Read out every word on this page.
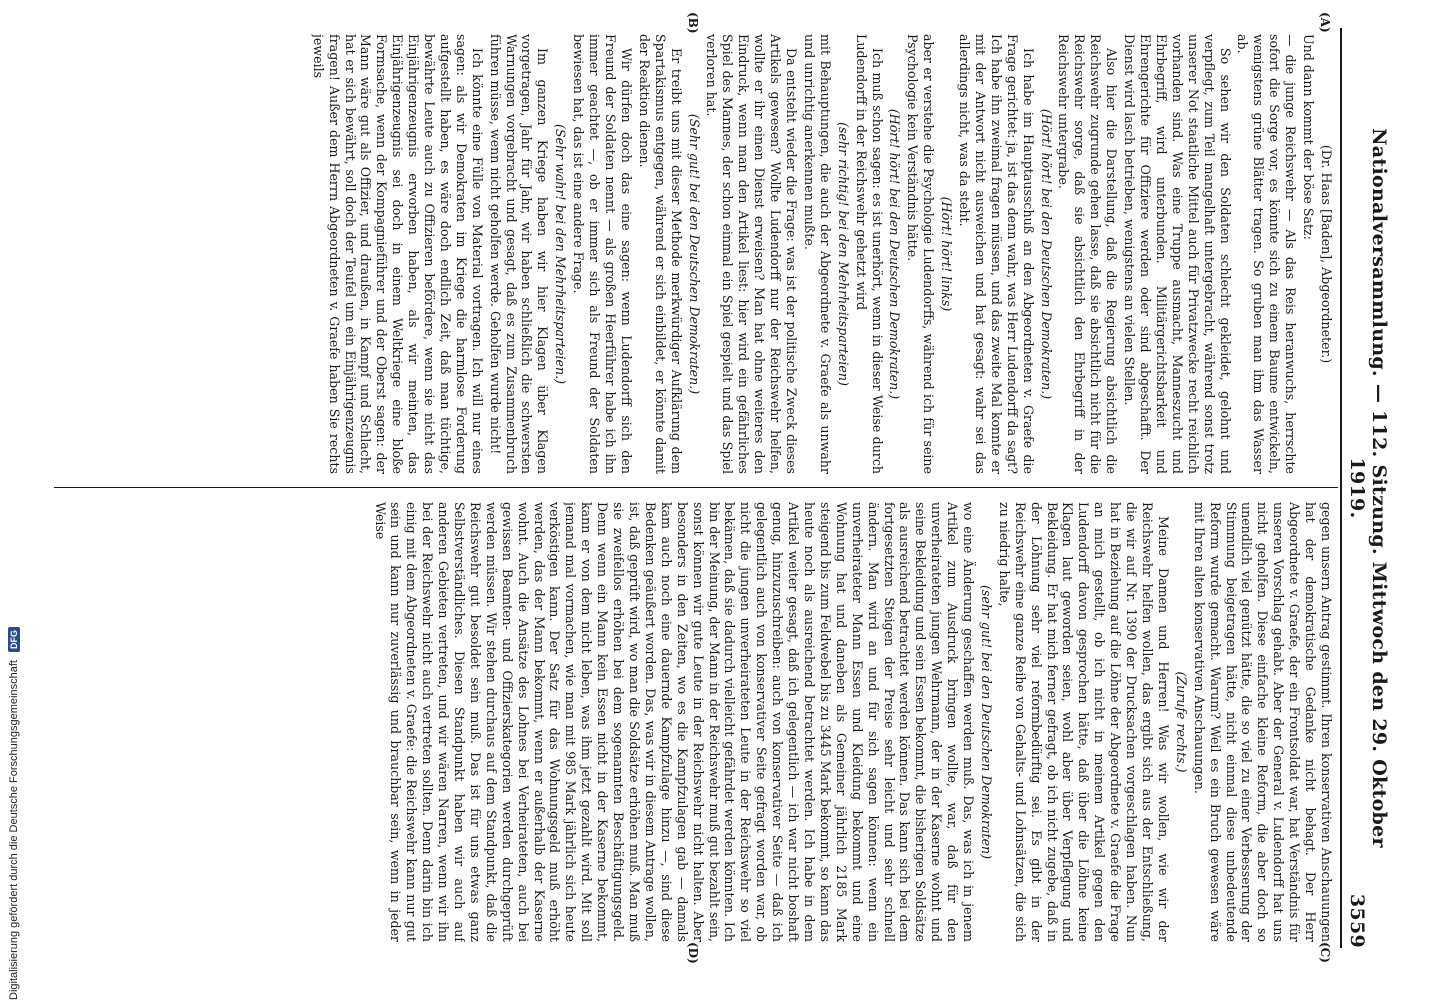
Nationalversammlung. — 112. Sitzung. Mittwoch den 29. Oktober 1919.
3559
(A)
(B)
(C)
(D)

(Dr. Haas [Baden], Abgeordneter.)

Und dann kommt der böse Satz:

— die junge Reichswehr — Als das Reis heranwuchs, herrschte sofort die Sorge vor, es könnte sich zu einem Baume entwickeln, wenigstens grüne Blätter tragen. So gruben man ihm das Wasser ab.

So sehen wir den Soldaten schlecht gekleidet, gelohnt und verpflegt, zum Teil mangelhaft untergebracht, während sonst trotz unserer Not staatliche Mittel auch für Privatzwecke recht reichlich vorhanden sind. Was eine Truppe ausmacht, Manneszucht und Ehrbegriff, wird unterbunden. Militärgerichtsbarkeit und Ehrengerichte für Offiziere werden oder sind abgeschafft. Der Dienst wird lasch betrieben, wenigstens an vielen Stellen.

Also hier die Darstellung, daß die Regierung absichtlich die Reichswehr zugrunde gehen lasse, daß sie absichtlich nicht für die Reichswehr sorge, daß sie absichtlich den Ehrbegriff in der Reichswehr untergrabe.

(Hört! hört! bei den Deutschen Demokraten.)

Ich habe im Hauptausschuß an den Abgeordneten v. Graefe die Frage gerichtet: ja, ist das denn wahr, was Herr Ludendorff da sagt? Ich habe ihn zweimal fragen müssen, und das zweite Mal konnte er mit der Antwort nicht ausweichen und hat gesagt: wahr sei das allerdings nicht, was da steht.

(Hört! hört! links)

aber er verstehe die Psychologie Ludendorffs, während ich für seine Psychologie kein Verständnis hätte.

(Hört! hört! bei den Deutschen Demokraten.)

Ich muß schon sagen: es ist unerhört, wenn in dieser Weise durch Ludendorff in der Reichswehr gehetzt wird

(sehr richtig! bei den Mehrheitsparteien)

mit Behauptungen, die auch der Abgeordnete v. Graefe als unwahr und unrichtig anerkennen mußte.

Da entsteht wieder die Frage: was ist der politische Zweck dieses Artikels gewesen? Wollte Ludendorff nur der Reichswehr helfen, wollte er ihr einen Dienst erweisen? Man hat ohne weiteres den Eindruck, wenn man den Artikel liest: hier wird ein gefährliches Spiel des Mannes, der schon einmal ein Spiel gespielt und das Spiel verloren hat.

(Sehr gut! bei den Deutschen Demokraten.)

Er treibt uns mit dieser Methode merkwürdiger Aufklärung dem Spartakismus entgegen, während er sich einbildet, er könnte damit der Reaktion dienen.

Wir dürfen doch das eine sagen: wenn Ludendorff sich den Freund der Soldaten nennt — als großen Heerführer habe ich ihn immer geachtet —, ob er immer sich als Freund der Soldaten bewiesen hat, das ist eine andere Frage.

(Sehr wahr! bei den Mehrheitsparteien.)

Im ganzen Kriege haben wir hier Klagen über Klagen vorgetragen, Jahr für Jahr, wir haben schließlich die schwersten Warnungen vorgebracht und gesagt, daß es zum Zusammenbruch führen müsse, wenn nicht geholfen werde. Geholfen wurde nicht!

Ich könnte eine Fülle von Material vortragen. Ich will nur eines sagen: als wir Demokraten im Kriege die harmlose Forderung aufgestellt haben, es wäre doch endlich Zeit, daß man tüchtige, bewährte Leute auch zu Offizieren befördere, wenn sie nicht das Einjährigenzeugnis erworben haben, als wir meinten, das Einjährigenzeugnis sei doch in einem Weltkriege eine bloße Formsache, wenn der Kompagnieführer und der Oberst sagen: der Mann wäre gut als Offizier, und draußen, in Kampf und Schlacht, hat er sich bewährt, soll doch der Teufel um ein Einjährigenzeugnis fragen! Außer dem Herrn Abgeordneten v. Graefe haben Sie rechts jeweils

gegen unsern Antrag gestimmt. Ihren konservativen Anschauungen hat der demokratische Gedanke nicht behagt. Der Herr Abgeordnete v. Graefe, der ein Frontsoldat war, hat Verständnis für unseren Vorschlag gehabt. Aber der General v. Ludendorff hat uns nicht geholfen. Diese einfache kleine Reform, die aber doch so unendlich viel genützt hätte, die so viel zu einer Verbesserung der Stimmung beigetragen hätte, nicht einmal diese unbedeutende Reform wurde gemacht. Warum? Weil es ein Bruch gewesen wäre mit Ihren alten konservativen Anschauungen.

(Zurufe rechts.)

Meine Damen und Herren! Was wir wollen, wie wir der Reichswehr helfen wollen, das ergibt sich aus der Entschließung, die wir auf Nr. 1390 der Drucksachen vorgeschlagen haben. Nun hat in Beziehung auf die Löhne der Abgeordnete v. Graefe die Frage an mich gestellt, ob ich nicht in meinem Artikel gegen den Ludendorff davon gesprochen hätte, daß über die Löhne keine Klagen laut geworden seien, wohl aber über Verpflegung und Bekleidung. Er hat mich ferner gefragt, ob ich nicht zugebe, daß in der Löhnung sehr viel reformbedürftig sei. Es gibt in der Reichswehr eine ganze Reihe von Gehalts- und Lohnsätzen, die sich zu niedrig halte,

(sehr gut! bei den Deutschen Demokraten)

wo eine Änderung geschaffen werden muß. Das, was ich in jenem Artikel zum Ausdruck bringen wollte, war, daß für den unverheirateten jungen Wehrmann, der in der Kaserne wohnt und seine Bekleidung und sein Essen bekommt, die bisherigen Soldsätze als ausreichend betrachtet werden können. Das kann sich bei dem fortgesetzten Steigen der Preise sehr leicht und sehr schnell ändern. Man wird an und für sich sagen können: wenn ein unverheirateter Mann Essen und Kleidung bekommt und eine Wohnung hat und daneben als Gemeiner jährlich 2185 Mark steigend bis zum Feldwebel bis zu 3445 Mark bekommt, so kann das heute noch als ausreichend betrachtet werden. Ich habe in dem Artikel weiter gesagt, daß ich gelegentlich — ich war nicht boshaft genug, hinzuzuschreiben: auch von konservativer Seite — daß ich gelegentlich auch von konservativer Seite gefragt worden war, ob nicht die jungen unverheirateten Leute in der Reichswehr so viel bekämen, daß sie dadurch vielleicht gefährdet werden könnten. Ich bin der Meinung, der Mann in der Reichswehr muß gut bezahlt sein, sonst können wir gute Leute in der Reichswehr nicht halten. Aber besonders in den Zeiten, wo es die Kampfzulagen gab — damals kam auch noch eine dauernde Kampfzulage hinzu —, sind diese Bedenken geäußert worden. Das, was wir in diesem Antrage wollen, ist, daß geprüft wird, wo man die Soldsätze erhöhen muß. Man muß sie zweifellos erhöhen bei dem sogenannten Beschäftigungsgeld. Denn wenn ein Mann kein Essen nicht in der Kaserne bekommt, kann er von dem nicht leben, was ihm jetzt gezahlt wird. Mit soll jemand mal vormachen, wie man mit 985 Mark jährlich sich heute verköstigen kann. Der Satz für das Wohnungsgeld muß erhöht werden, das der Mann bekommt, wenn er außerhalb der Kaserne wohnt. Auch die Ansätze des Lohnes bei Verheirateten, auch bei gewissen Beamten- und Offizierskategorien werden durchgeprüft werden müssen. Wir stehen durchaus auf dem Standpunkt, daß die Reichswehr gut besoldet sein muß. Das ist für uns etwas ganz Selbstverständliches. Diesen Standpunkt haben wir auch auf anderen Gebieten vertreten, und wir wären Narren, wenn wir ihn bei der Reichswehr nicht auch vertreten sollten. Denn darin bin ich einig mit dem Abgeordneten v. Graefe: die Reichswehr kann nur gut sein und kann nur zuverlässig und brauchbar sein, wenn in jeder Weise

Digitalisierung gefördert durch die Deutsche Forschungsgemeinschaft
DFG
